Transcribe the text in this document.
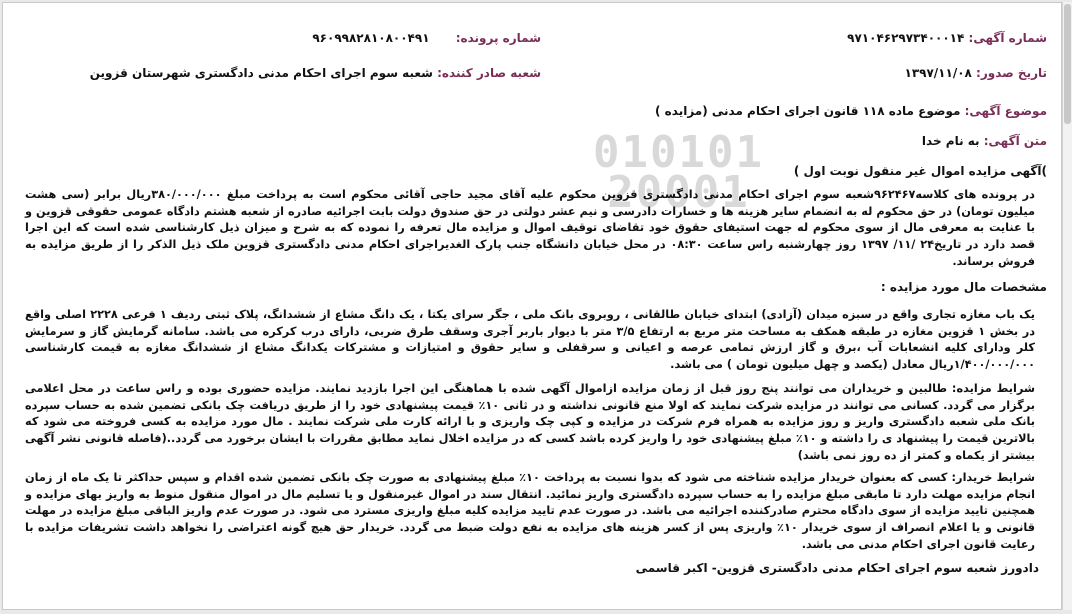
010101
20001
شماره آگهی: ۹۷۱۰۴۶۲۹۷۳۴۰۰۰۱۴
شماره پرونده: ۹۶۰۹۹۸۲۸۱۰۸۰۰۴۹۱
تاریخ صدور: ۱۳۹۷/۱۱/۰۸
شعبه صادر کننده: شعبه سوم اجرای احکام مدنی دادگستری شهرستان قزوین
موضوع آگهی: موضوع ماده ۱۱۸ قانون اجرای احکام مدنی (مزایده )
متن آگهی: به نام خدا
)آگهی مزایده اموال غیر منقول نوبت اول )

در پرونده های کلاسه۹۶۲۴۶۷شعبه سوم اجرای احکام مدنی دادگستری قزوین محکوم علیه آقای مجید حاجی آقائی محکوم است به پرداخت مبلغ ۳۸۰/۰۰۰/۰۰۰ریال برابر (سی هشت میلیون تومان) در حق محکوم له به انضمام سایر هزینه ها و خسارات دادرسی و نیم عشر دولتی در حق صندوق دولت بابت اجرائیه صادره از شعبه هشتم دادگاه عمومی حقوقی قزوین و با عنایت به معرفی مال از سوی محکوم له جهت استیفای حقوق خود تقاضای توقیف اموال و مزایده مال تعرفه را نموده که به شرح و میزان ذیل کارشناسی شده است که این اجرا قصد دارد در تاریخ۲۴ /۱۱/ ۱۳۹۷ روز چهارشنبه راس ساعت ۰۸:۳۰ در محل خیابان دانشگاه جنب پارک الغدیراجرای احکام مدنی دادگستری قزوین ملک ذیل الذکر را از طریق مزایده به فروش برساند.

مشخصات مال مورد مزایده :

یک باب مغازه تجاری واقع در سبزه میدان (آزادی) ابتدای خیابان طالقانی ، روبروی بانک ملی ، جگر سرای یکتا ، یک دانگ مشاع از ششدانگ، پلاک ثبتی ردیف ۱ فرعی ۲۲۲۸ اصلی واقع در بخش ۱ قزوین مغازه در طبقه همکف به مساحت متر مربع به ارتفاع ۳/۵ متر با دیوار باربر آجری وسقف طرق ضربی، دارای درب کرکره می باشد. سامانه گرمایش گاز و سرمایش کلر ودارای کلیه انشعابات آب ،برق و گاز ارزش تمامی عرصه و اعیانی و سرقفلی و سایر حقوق و امتیازات و مشترکات یکدانگ مشاع از ششدانگ مغازه به قیمت کارشناسی ۱/۴۰۰/۰۰۰/۰۰۰ریال معادل (یکصد و چهل میلیون تومان ) می باشد.

شرایط مزایده: طالبین و خریداران می توانند پنج روز قبل از زمان مزایده ازاموال آگهی شده با هماهنگی این اجرا بازدید نمایند. مزایده حضوری بوده و راس ساعت در محل اعلامی برگزار می گردد. کسانی می توانند در مزایده شرکت نمایند که اولا منع قانونی نداشته و در ثانی ۱۰٪ قیمت پیشنهادی خود را از طریق دریافت چک بانکی تضمین شده به حساب سپرده بانک ملی شعبه دادگستری واریز و روز مزایده به همراه فرم شرکت در مزایده و کپی چک واریزی و با ارائه کارت ملی شرکت نمایند . مال مورد مزایده به کسی فروخته می شود که بالاترین قیمت را پیشنهاد ی را داشته و ۱۰٪ مبلغ پیشنهادی خود را واریز کرده باشد کسی که در مزایده اخلال نماید مطابق مقررات با ایشان برخورد می گردد..(فاصله قانونی نشر آگهی بیشتر از یکماه و کمتر از ده روز نمی باشد)

شرایط خریدار: کسی که بعنوان خریدار مزایده شناخته می شود که بدوا نسبت به پرداخت ۱۰٪ مبلغ پیشنهادی به صورت چک بانکی تضمین شده اقدام و سپس حداکثر تا یک ماه از زمان انجام مزایده مهلت دارد تا مابقی مبلغ مزایده را به حساب سپرده دادگستری واریز نمائید. انتقال سند در اموال غیرمنقول و یا تسلیم مال در اموال منقول منوط به واریز بهای مزایده و همچنین تایید مزایده از سوی دادگاه محترم صادرکننده اجرائیه می باشد. در صورت عدم تایید مزایده کلیه مبلغ واریزی مسترد می شود. در صورت عدم واریز الباقی مبلغ مزایده در مهلت قانونی و یا اعلام انصراف از سوی خریدار ۱۰٪ واریزی پس از کسر هزینه های مزایده به نفع دولت ضبط می گردد. خریدار حق هیچ گونه اعتراضی را نخواهد داشت تشریفات مزایده با رعایت قانون اجرای احکام مدنی می باشد.

دادورز شعبه سوم اجرای احکام مدنی دادگستری قزوین- اکبر قاسمی
